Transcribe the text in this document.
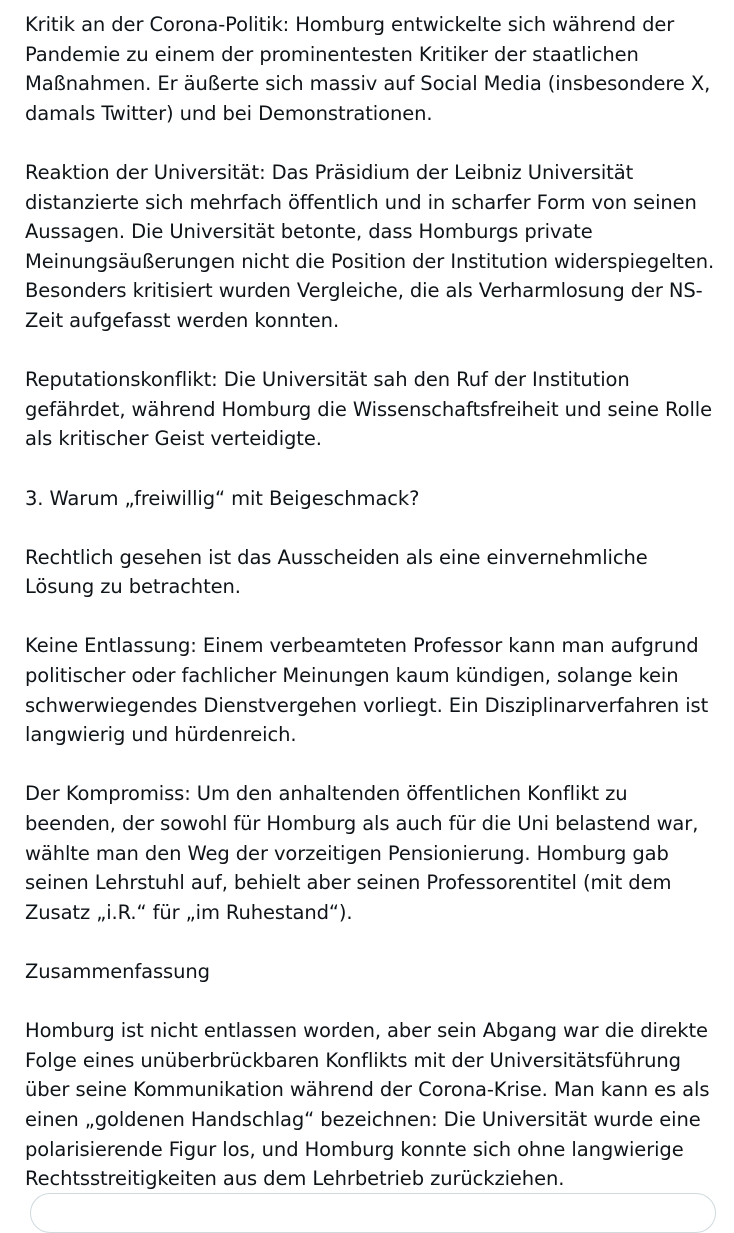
Kritik an der Corona-Politik: Homburg entwickelte sich während der Pandemie zu einem der prominentesten Kritiker der staatlichen Maßnahmen. Er äußerte sich massiv auf Social Media (insbesondere X, damals Twitter) und bei Demonstrationen.

Reaktion der Universität: Das Präsidium der Leibniz Universität distanzierte sich mehrfach öffentlich und in scharfer Form von seinen Aussagen. Die Universität betonte, dass Homburgs private Meinungsäußerungen nicht die Position der Institution widerspiegelten. Besonders kritisiert wurden Vergleiche, die als Verharmlosung der NS-Zeit aufgefasst werden konnten.

Reputationskonflikt: Die Universität sah den Ruf der Institution gefährdet, während Homburg die Wissenschaftsfreiheit und seine Rolle als kritischer Geist verteidigte.

3. Warum „freiwillig“ mit Beigeschmack?

Rechtlich gesehen ist das Ausscheiden als eine einvernehmliche Lösung zu betrachten.

Keine Entlassung: Einem verbeamteten Professor kann man aufgrund politischer oder fachlicher Meinungen kaum kündigen, solange kein schwerwiegendes Dienstvergehen vorliegt. Ein Disziplinarverfahren ist langwierig und hürdenreich.

Der Kompromiss: Um den anhaltenden öffentlichen Konflikt zu beenden, der sowohl für Homburg als auch für die Uni belastend war, wählte man den Weg der vorzeitigen Pensionierung. Homburg gab seinen Lehrstuhl auf, behielt aber seinen Professorentitel (mit dem Zusatz „i.R.“ für „im Ruhestand“).

Zusammenfassung

Homburg ist nicht entlassen worden, aber sein Abgang war die direkte Folge eines unüberbrückbaren Konflikts mit der Universitätsführung über seine Kommunikation während der Corona-Krise. Man kann es als einen „goldenen Handschlag“ bezeichnen: Die Universität wurde eine polarisierende Figur los, und Homburg konnte sich ohne langwierige Rechtsstreitigkeiten aus dem Lehrbetrieb zurückziehen.
